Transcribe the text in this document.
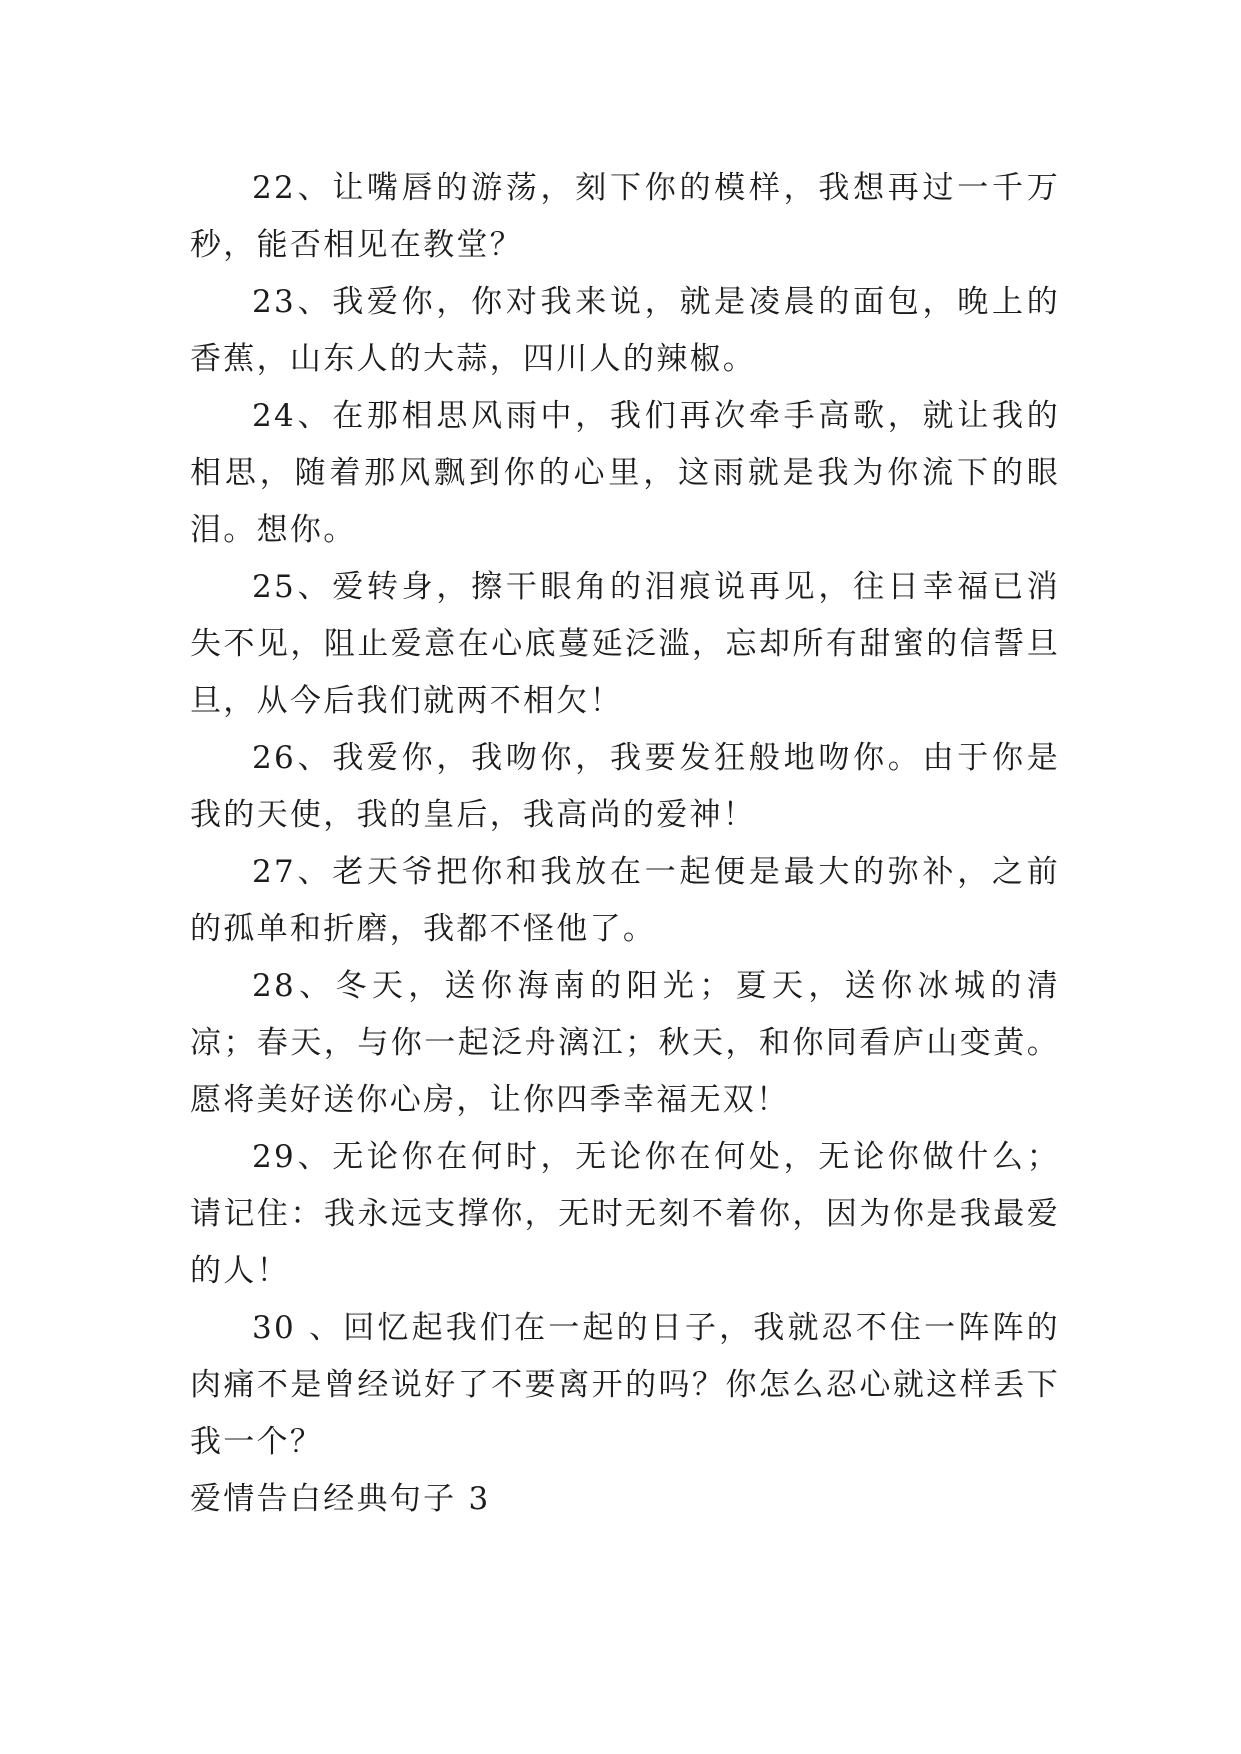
22、让嘴唇的游荡，刻下你的模样，我想再过一千万秒，能否相见在教堂？

23、我爱你，你对我来说，就是凌晨的面包，晚上的香蕉，山东人的大蒜，四川人的辣椒。

24、在那相思风雨中，我们再次牵手高歌，就让我的相思，随着那风飘到你的心里，这雨就是我为你流下的眼泪。想你。

25、爱转身，擦干眼角的泪痕说再见，往日幸福已消失不见，阻止爱意在心底蔓延泛滥，忘却所有甜蜜的信誓旦旦，从今后我们就两不相欠！

26、我爱你，我吻你，我要发狂般地吻你。由于你是我的天使，我的皇后，我高尚的爱神！

27、老天爷把你和我放在一起便是最大的弥补，之前的孤单和折磨，我都不怪他了。

28、冬天，送你海南的阳光；夏天，送你冰城的清凉；春天，与你一起泛舟漓江；秋天，和你同看庐山变黄。愿将美好送你心房，让你四季幸福无双！

29、无论你在何时，无论你在何处，无论你做什么；请记住：我永远支撑你，无时无刻不着你，因为你是我最爱的人！

30 、回忆起我们在一起的日子，我就忍不住一阵阵的肉痛不是曾经说好了不要离开的吗？你怎么忍心就这样丢下我一个？

爱情告白经典句子 3
